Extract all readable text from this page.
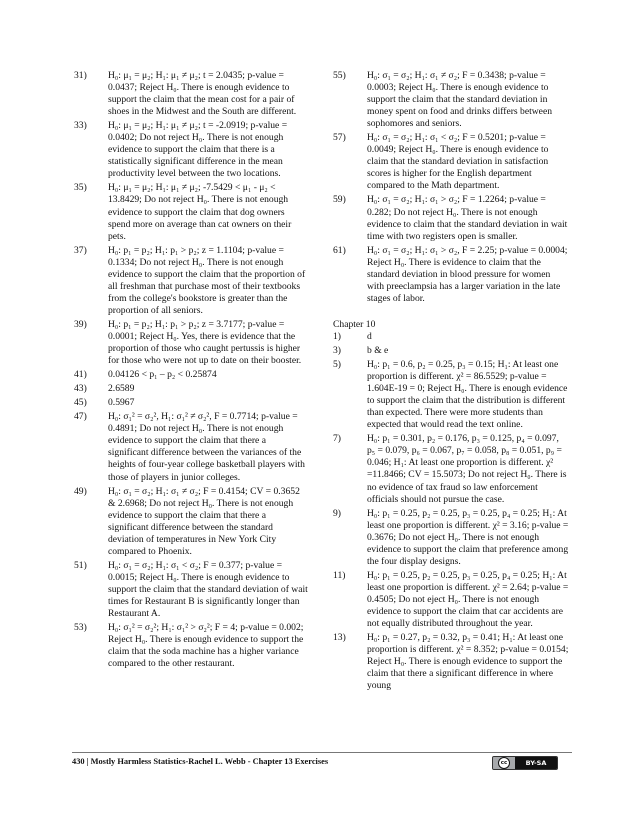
31)	H₀: μ₁ = μ₂; H₁: μ₁ ≠ μ₂; t = 2.0435; p-value = 0.0437; Reject H₀. There is enough evidence to support the claim that the mean cost for a pair of shoes in the Midwest and the South are different.
33)	H₀: μ₁ = μ₂; H₁: μ₁ ≠ μ₂; t = -2.0919; p-value = 0.0402; Do not reject H₀. There is not enough evidence to support the claim that there is a statistically significant difference in the mean productivity level between the two locations.
35)	H₀: μ₁ = μ₂; H₁: μ₁ ≠ μ₂; -7.5429 < μ₁ - μ₂ < 13.8429; Do not reject H₀. There is not enough evidence to support the claim that dog owners spend more on average than cat owners on their pets.
37)	H₀: p₁ = p₂; H₁: p₁ > p₂; z = 1.1104; p-value = 0.1334; Do not reject H₀. There is not enough evidence to support the claim that the proportion of all freshman that purchase most of their textbooks from the college's bookstore is greater than the proportion of all seniors.
39)	H₀: p₁ = p₂; H₁: p₁ > p₂; z = 3.7177; p-value = 0.0001; Reject H₀. Yes, there is evidence that the proportion of those who caught pertussis is higher for those who were not up to date on their booster.
41)	0.04126 < p₁ – p₂ < 0.25874
43)	2.6589
45)	0.5967
47)	H₀: σ₁² = σ₂², H₁: σ₁² ≠ σ₂², F = 0.7714; p-value = 0.4891; Do not reject H₀. There is not enough evidence to support the claim that there a significant difference between the variances of the heights of four-year college basketball players with those of players in junior colleges.
49)	H₀: σ₁ = σ₂; H₁: σ₁ ≠ σ₂; F = 0.4154; CV = 0.3652 & 2.6968; Do not reject H₀. There is not enough evidence to support the claim that there a significant difference between the standard deviation of temperatures in New York City compared to Phoenix.
51)	H₀: σ₁ = σ₂; H₁: σ₁ < σ₂; F = 0.377; p-value = 0.0015; Reject H₀. There is enough evidence to support the claim that the standard deviation of wait times for Restaurant B is significantly longer than Restaurant A.
53)	H₀: σ₁² = σ₂²; H₁: σ₁² > σ₂²; F = 4; p-value = 0.002; Reject H₀. There is enough evidence to support the claim that the soda machine has a higher variance compared to the other restaurant.
55)	H₀: σ₁ = σ₂; H₁: σ₁ ≠ σ₂; F = 0.3438; p-value = 0.0003; Reject H₀. There is enough evidence to support the claim that the standard deviation in money spent on food and drinks differs between sophomores and seniors.
57)	H₀: σ₁ = σ₂; H₁: σ₁ < σ₂; F = 0.5201; p-value = 0.0049; Reject H₀. There is enough evidence to claim that the standard deviation in satisfaction scores is higher for the English department compared to the Math department.
59)	H₀: σ₁ = σ₂; H₁: σ₁ > σ₂; F = 1.2264; p-value = 0.282; Do not reject H₀. There is not enough evidence to claim that the standard deviation in wait time with two registers open is smaller.
61)	H₀: σ₁ = σ₂; H₁: σ₁ > σ₂, F = 2.25; p-value = 0.0004; Reject H₀. There is evidence to claim that the standard deviation in blood pressure for women with preeclampsia has a larger variation in the late stages of labor.
Chapter 10
1)	d
3)	b & e
5)	H₀: p₁ = 0.6, p₂ = 0.25, p₃ = 0.15; H₁: At least one proportion is different. χ² = 86.5529; p-value = 1.604E-19 = 0; Reject H₀. There is enough evidence to support the claim that the distribution is different than expected. There were more students than expected that would read the text online.
7)	H₀: p₁ = 0.301, p₂ = 0.176, p₃ = 0.125, p₄ = 0.097, p₅ = 0.079, p₆ = 0.067, p₇ = 0.058, p₈ = 0.051, p₉ = 0.046; H₁: At least one proportion is different. χ² =11.8466; CV = 15.5073; Do not reject H₀. There is no evidence of tax fraud so law enforcement officials should not pursue the case.
9)	H₀: p₁ = 0.25, p₂ = 0.25, p₃ = 0.25, p₄ = 0.25; H₁: At least one proportion is different. χ² = 3.16; p-value = 0.3676; Do not eject H₀. There is not enough evidence to support the claim that preference among the four display designs.
11)	H₀: p₁ = 0.25, p₂ = 0.25, p₃ = 0.25, p₄ = 0.25; H₁: At least one proportion is different. χ² = 2.64; p-value = 0.4505; Do not eject H₀. There is not enough evidence to support the claim that car accidents are not equally distributed throughout the year.
13)	H₀: p₁ = 0.27, p₂ = 0.32, p₃ = 0.41; H₁: At least one proportion is different. χ² = 8.352; p-value = 0.0154; Reject H₀. There is enough evidence to support the claim that there a significant difference in where young
430 | Mostly Harmless Statistics-Rachel L. Webb - Chapter 13 Exercises	cc	BY-SA
